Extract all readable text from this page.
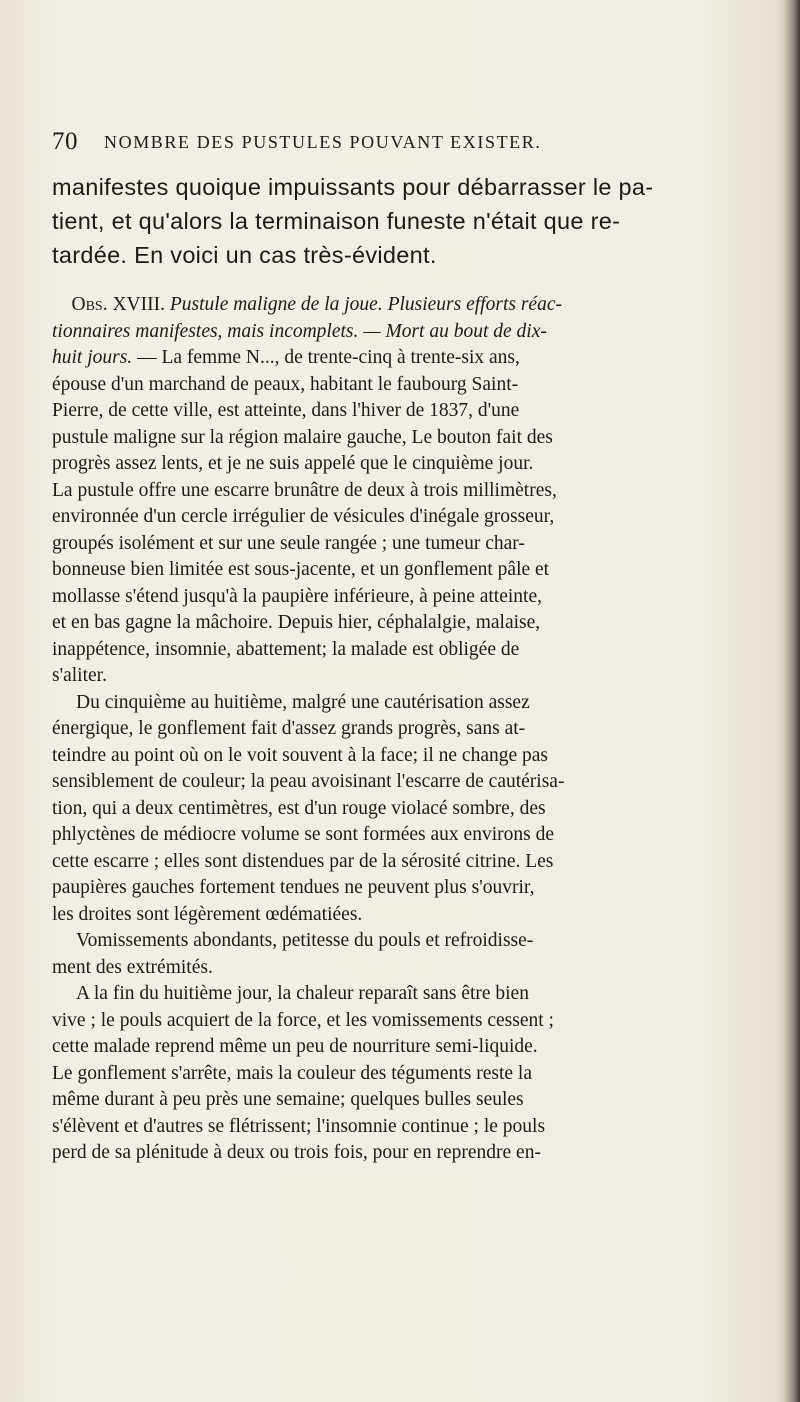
70 NOMBRE DES PUSTULES POUVANT EXISTER.

manifestes quoique impuissants pour débarrasser le pa-
tient, et qu'alors la terminaison funeste n'était que re-
tardée. En voici un cas très-évident.

  Obs. XVIII. Pustule maligne de la joue. Plusieurs efforts réac-
tionnaires manifestes, mais incomplets. — Mort au bout de dix-
huit jours. — La femme N..., de trente-cinq à trente-six ans,
épouse d'un marchand de peaux, habitant le faubourg Saint-
Pierre, de cette ville, est atteinte, dans l'hiver de 1837, d'une
pustule maligne sur la région malaire gauche, Le bouton fait des
progrès assez lents, et je ne suis appelé que le cinquième jour.
La pustule offre une escarre brunâtre de deux à trois millimètres,
environnée d'un cercle irrégulier de vésicules d'inégale grosseur,
groupés isolément et sur une seule rangée ; une tumeur char-
bonneuse bien limitée est sous-jacente, et un gonflement pâle et
mollasse s'étend jusqu'à la paupière inférieure, à peine atteinte,
et en bas gagne la mâchoire. Depuis hier, céphalalgie, malaise,
inappétence, insomnie, abattement; la malade est obligée de
s'aliter.
Du cinquième au huitième, malgré une cautérisation assez
énergique, le gonflement fait d'assez grands progrès, sans at-
teindre au point où on le voit souvent à la face; il ne change pas
sensiblement de couleur; la peau avoisinant l'escarre de cautérisa-
tion, qui a deux centimètres, est d'un rouge violacé sombre, des
phlyctènes de médiocre volume se sont formées aux environs de
cette escarre ; elles sont distendues par de la sérosité citrine. Les
paupières gauches fortement tendues ne peuvent plus s'ouvrir,
les droites sont légèrement œdématiées.
Vomissements abondants, petitesse du pouls et refroidisse-
ment des extrémités.
A la fin du huitième jour, la chaleur reparaît sans être bien
vive ; le pouls acquiert de la force, et les vomissements cessent ;
cette malade reprend même un peu de nourriture semi-liquide.
Le gonflement s'arrête, mais la couleur des téguments reste la
même durant à peu près une semaine; quelques bulles seules
s'élèvent et d'autres se flétrissent; l'insomnie continue ; le pouls
perd de sa plénitude à deux ou trois fois, pour en reprendre en-
